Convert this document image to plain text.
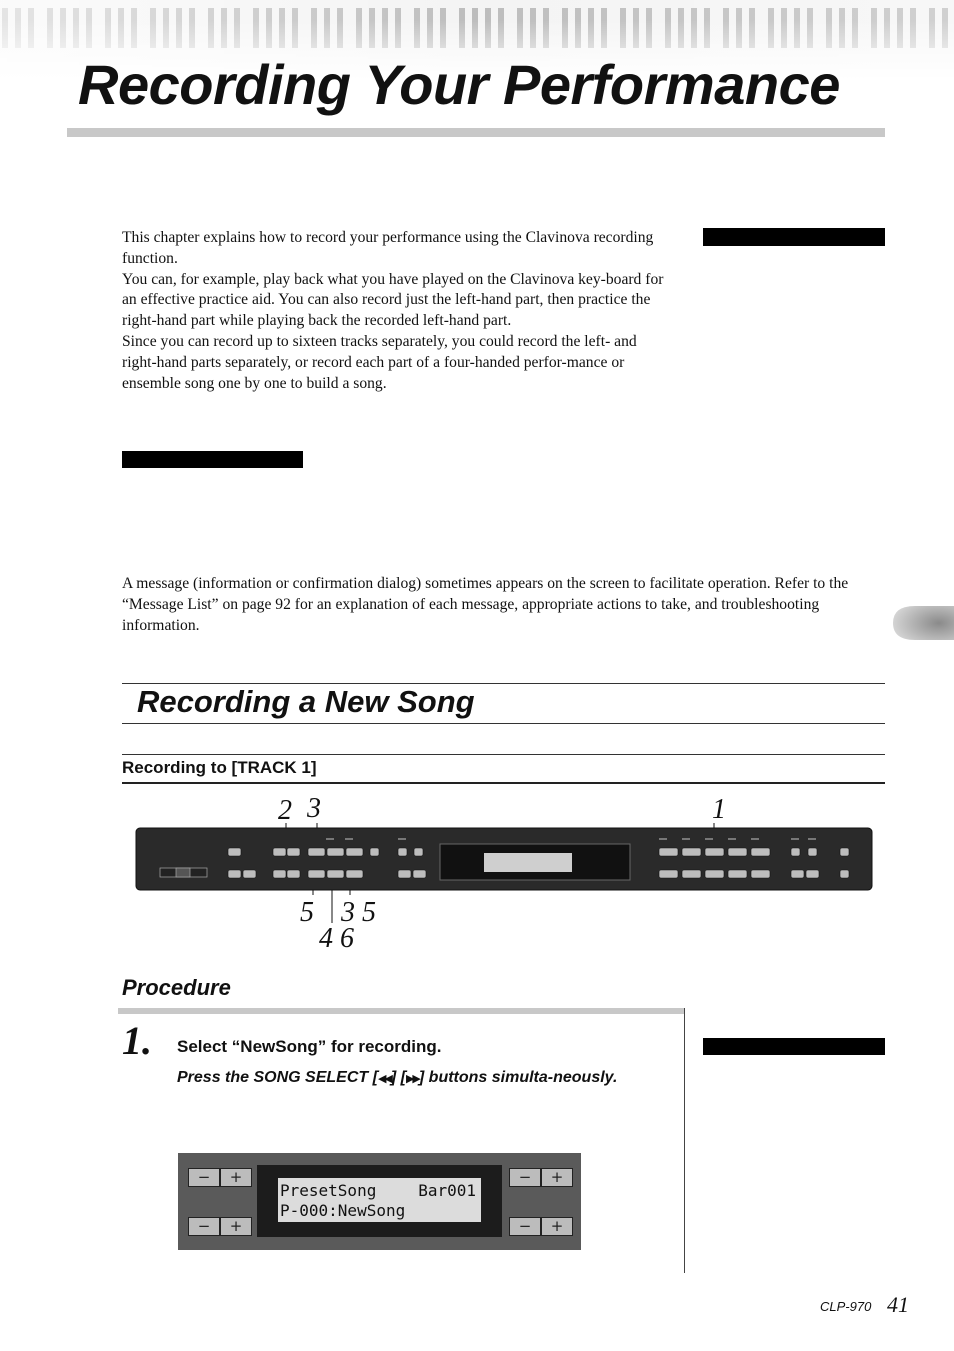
Recording Your Performance

This chapter explains how to record your performance using the Clavinova recording function.

You can, for example, play back what you have played on the Clavinova key-board for an effective practice aid. You can also record just the left-hand part, then practice the right-hand part while playing back the recorded left-hand part.

Since you can record up to sixteen tracks separately, you could record the left- and right-hand parts separately, or record each part of a four-handed perfor-mance or ensemble song one by one to build a song.

A message (information or confirmation dialog) sometimes appears on the screen to facilitate operation. Refer to the “Message List” on page 92 for an explanation of each message, appropriate actions to take, and troubleshooting information.

Recording a New Song
Recording to [TRACK 1]
2 3	1
5 3 5
4 6
Procedure
1. Select “NewSong” for recording.
Press the SONG SELECT [◀◀] [▶▶] buttons simulta-neously.
−	+
−	+
−	+
−	+
PresetSong	Bar001
P-000:NewSong
CLP-970 41
